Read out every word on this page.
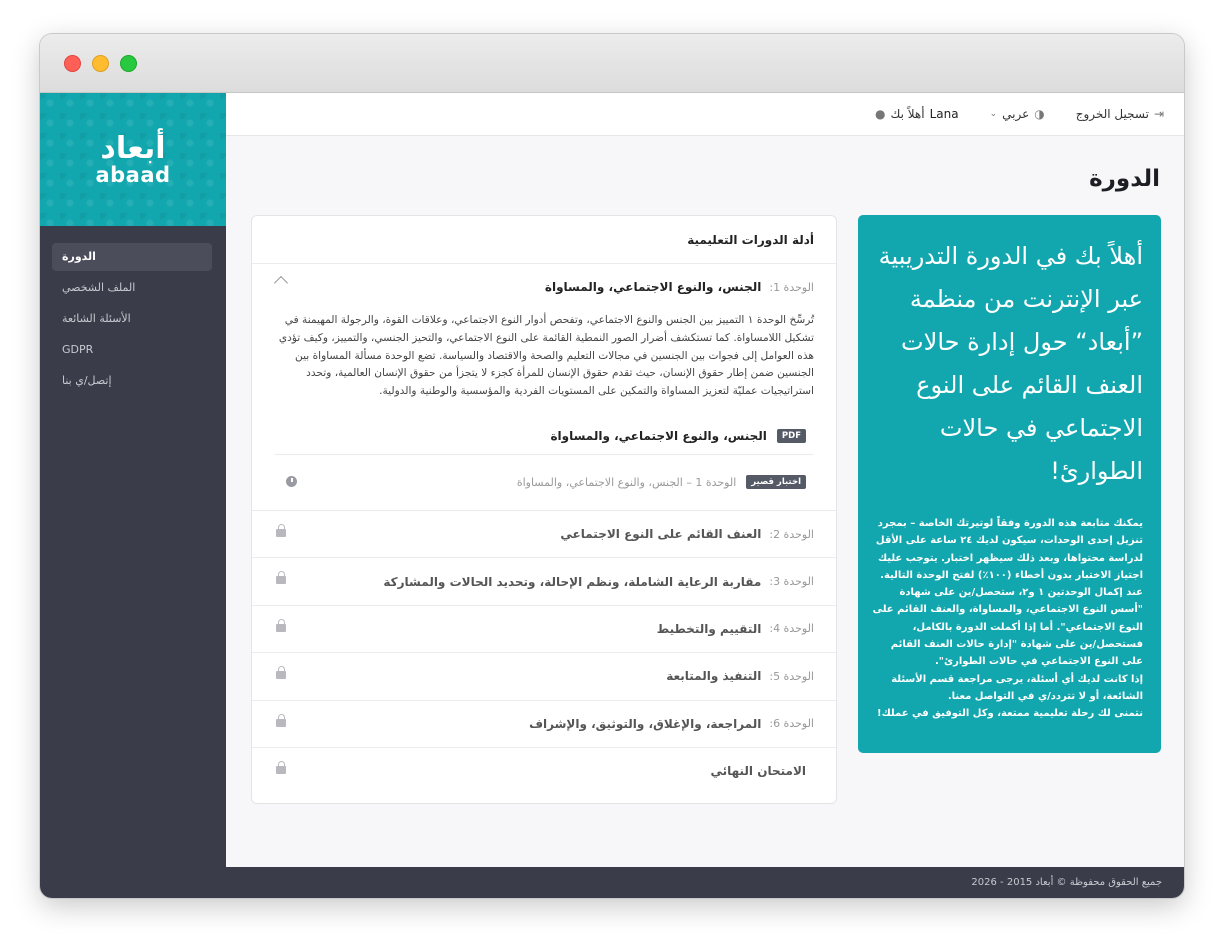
أبعاد
abaad
الدورة
الملف الشخصي
الأسئلة الشائعة
GDPR
إتصل/ي بنا
⇥
تسجيل الخروج
◑
عربي
⌄
Lana
أهلاً بك
●
الدورة
أهلاً بك في الدورة التدريبية عبر الإنترنت من منظمة ”أبعاد“ حول إدارة حالات العنف القائم على النوع الاجتماعي في حالات الطوارئ!
يمكنك متابعة هذه الدورة وفقاً لوتيرتك الخاصة – بمجرد تنزيل إحدى الوحدات، سيكون لديك ٢٤ ساعة على الأقل لدراسة محتواها، وبعد ذلك سيظهر اختبار. يتوجب عليك اجتياز الاختبار بدون أخطاء (١٠٠٪) لفتح الوحدة التالية.
عند إكمال الوحدتين ١ و٢، ستحصل/ين على شهادة "أسس النوع الاجتماعي، والمساواة، والعنف القائم على النوع الاجتماعي". أما إذا أكملت الدورة بالكامل، فستحصل/ين على شهادة "إدارة حالات العنف القائم على النوع الاجتماعي في حالات الطوارئ".
إذا كانت لديك أي أسئلة، يرجى مراجعة قسم الأسئلة الشائعة، أو لا تتردد/ي في التواصل معنا.
نتمنى لك رحلة تعليمية ممتعة، وكل التوفيق في عملك!
أدلة الدورات التعليمية
الوحدة 1:
الجنس، والنوع الاجتماعي، والمساواة
تُرسِّخ الوحدة ١ التمييز بين الجنس والنوع الاجتماعي، وتفحص أدوار النوع الاجتماعي، وعلاقات القوة، والرجولة المهيمنة في تشكيل اللامساواة. كما تستكشف أضرار الصور النمطية القائمة على النوع الاجتماعي، والتحيز الجنسي، والتمييز، وكيف تؤدي هذه العوامل إلى فجوات بين الجنسين في مجالات التعليم والصحة والاقتصاد والسياسة. تضع الوحدة مسألة المساواة بين الجنسين ضمن إطار حقوق الإنسان، حيث تقدم حقوق الإنسان للمرأة كجزء لا يتجزأ من حقوق الإنسان العالمية، وتحدد استراتيجيات عمليّة لتعزيز المساواة والتمكين على المستويات الفردية والمؤسسية والوطنية والدولية.
PDF
الجنس، والنوع الاجتماعي، والمساواة
اختبار قصير
الوحدة 1 – الجنس، والنوع الاجتماعي، والمساواة
الوحدة 2:
العنف القائم على النوع الاجتماعي
الوحدة 3:
مقاربة الرعاية الشاملة، ونظم الإحالة، وتحديد الحالات والمشاركة
الوحدة 4:
التقييم والتخطيط
الوحدة 5:
التنفيذ والمتابعة
الوحدة 6:
المراجعة، والإغلاق، والتوثيق، والإشراف
الامتحان النهائي
جميع الحقوق محفوظة © أبعاد 2015 - 2026
